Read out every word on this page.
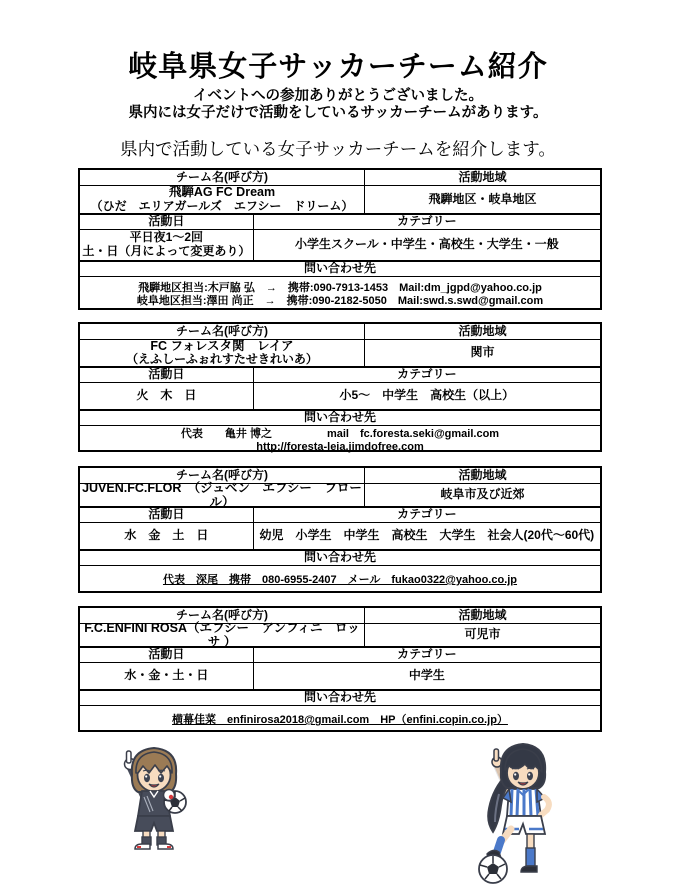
岐阜県女子サッカーチーム紹介
イベントへの参加ありがとうございました。
県内には女子だけで活動をしているサッカーチームがあります。
県内で活動している女子サッカーチームを紹介します。
チーム名(呼び方)	活動地域
飛騨AG FC Dream
（ひだ　エリアガールズ　エフシー　ドリーム）
飛騨地区・岐阜地区
活動日	カテゴリー
平日夜1～2回
土・日（月によって変更あり）	小学生スクール・中学生・高校生・大学生・一般
問い合わせ先
飛騨地区担当:木戸脇 弘　→　携帯:090-7913-1453　Mail:dm_jgpd@yahoo.co.jp
岐阜地区担当:澤田 尚正　→　携帯:090-2182-5050　Mail:swd.s.swd@gmail.com
チーム名(呼び方)	活動地域
FC フォレスタ関　レイア
（えふしーふぉれすたせきれいあ）
関市
活動日	カテゴリー
火　木　日	小5～　中学生　高校生（以上）
問い合わせ先
代表　　亀井 博之　　　　　mail　fc.foresta.seki@gmail.com
http://foresta-leia.jimdofree.com
チーム名(呼び方)	活動地域
JUVEN.FC.FLOR　（ジュベン　エフシー　フロール）
岐阜市及び近郊
活動日	カテゴリー
水　金　土　日	幼児　小学生　中学生　高校生　大学生　社会人(20代～60代)
問い合わせ先
代表　深尾　携帯　080-6955-2407　メール　fukao0322@yahoo.co.jp
チーム名(呼び方)	活動地域
F.C.ENFINI ROSA（エフシー　アンフィニ　ロッサ ）
可児市
活動日	カテゴリー
水・金・土・日	中学生
問い合わせ先
横幕佳菜　enfinirosa2018@gmail.com　HP（enfini.copin.co.jp）
